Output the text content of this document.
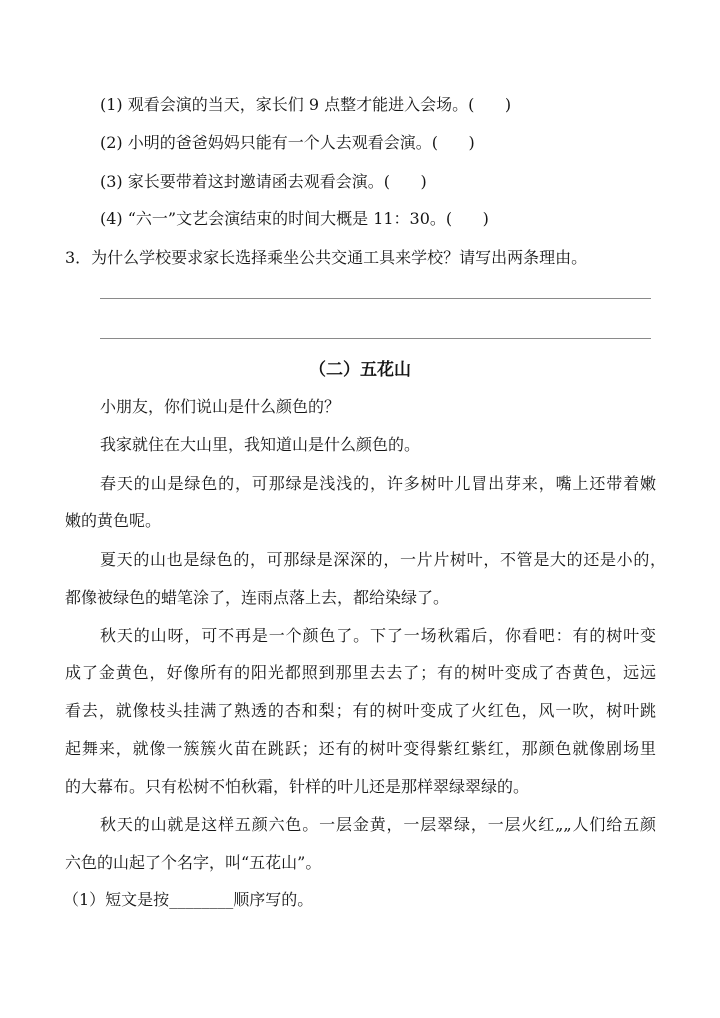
(1) 观看会演的当天，家长们 9 点整才能进入会场。(      )
(2) 小明的爸爸妈妈只能有一个人去观看会演。(      )
(3) 家长要带着这封邀请函去观看会演。(      )
(4) “六一”文艺会演结束的时间大概是 11：30。(      )
3．为什么学校要求家长选择乘坐公共交通工具来学校？请写出两条理由。
（二）五花山
小朋友，你们说山是什么颜色的？
我家就住在大山里，我知道山是什么颜色的。
春天的山是绿色的，可那绿是浅浅的，许多树叶儿冒出芽来，嘴上还带着嫩
嫩的黄色呢。
夏天的山也是绿色的，可那绿是深深的，一片片树叶，不管是大的还是小的，
都像被绿色的蜡笔涂了，连雨点落上去，都给染绿了。
秋天的山呀，可不再是一个颜色了。下了一场秋霜后，你看吧：有的树叶变
成了金黄色，好像所有的阳光都照到那里去去了；有的树叶变成了杏黄色，远远
看去，就像枝头挂满了熟透的杏和梨；有的树叶变成了火红色，风一吹，树叶跳
起舞来，就像一簇簇火苗在跳跃；还有的树叶变得紫红紫红，那颜色就像剧场里
的大幕布。只有松树不怕秋霜，针样的叶儿还是那样翠绿翠绿的。
秋天的山就是这样五颜六色。一层金黄，一层翠绿，一层火红„„人们给五颜
六色的山起了个名字，叫“五花山”。
（1）短文是按________顺序写的。
